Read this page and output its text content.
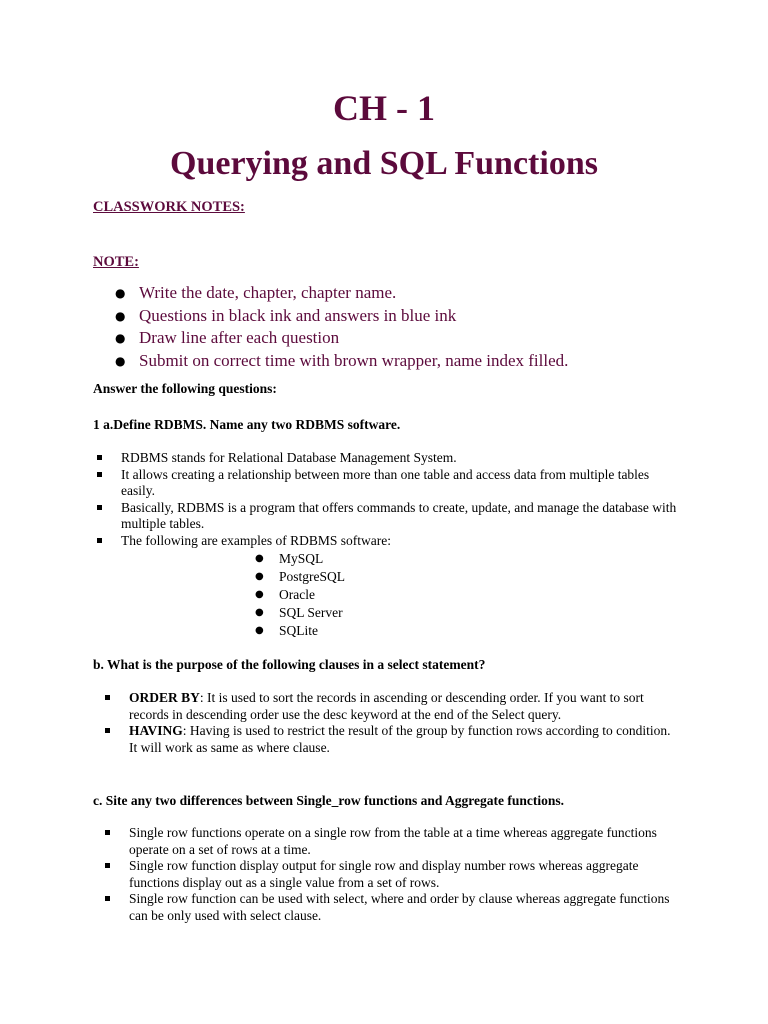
CH - 1
Querying and SQL Functions

CLASSWORK NOTES:

NOTE:

● Write the date, chapter, chapter name.
● Questions in black ink and answers in blue ink
● Draw line after each question
● Submit on correct time with brown wrapper, name index filled.

Answer the following questions:

1 a.Define RDBMS. Name any two RDBMS software.

RDBMS stands for Relational Database Management System.
It allows creating a relationship between more than one table and access data from multiple tables easily.
Basically, RDBMS is a program that offers commands to create, update, and manage the database with multiple tables.
The following are examples of RDBMS software:
● MySQL
● PostgreSQL
● Oracle
● SQL Server
● SQLite

b. What is the purpose of the following clauses in a select statement?

ORDER BY: It is used to sort the records in ascending or descending order. If you want to sort records in descending order use the desc keyword at the end of the Select query.
HAVING: Having is used to restrict the result of the group by function rows according to condition. It will work as same as where clause.

c. Site any two differences between Single_row functions and Aggregate functions.

Single row functions operate on a single row from the table at a time whereas aggregate functions operate on a set of rows at a time.
Single row function display output for single row and display number rows whereas aggregate functions display out as a single value from a set of rows.
Single row function can be used with select, where and order by clause whereas aggregate functions can be only used with select clause.
